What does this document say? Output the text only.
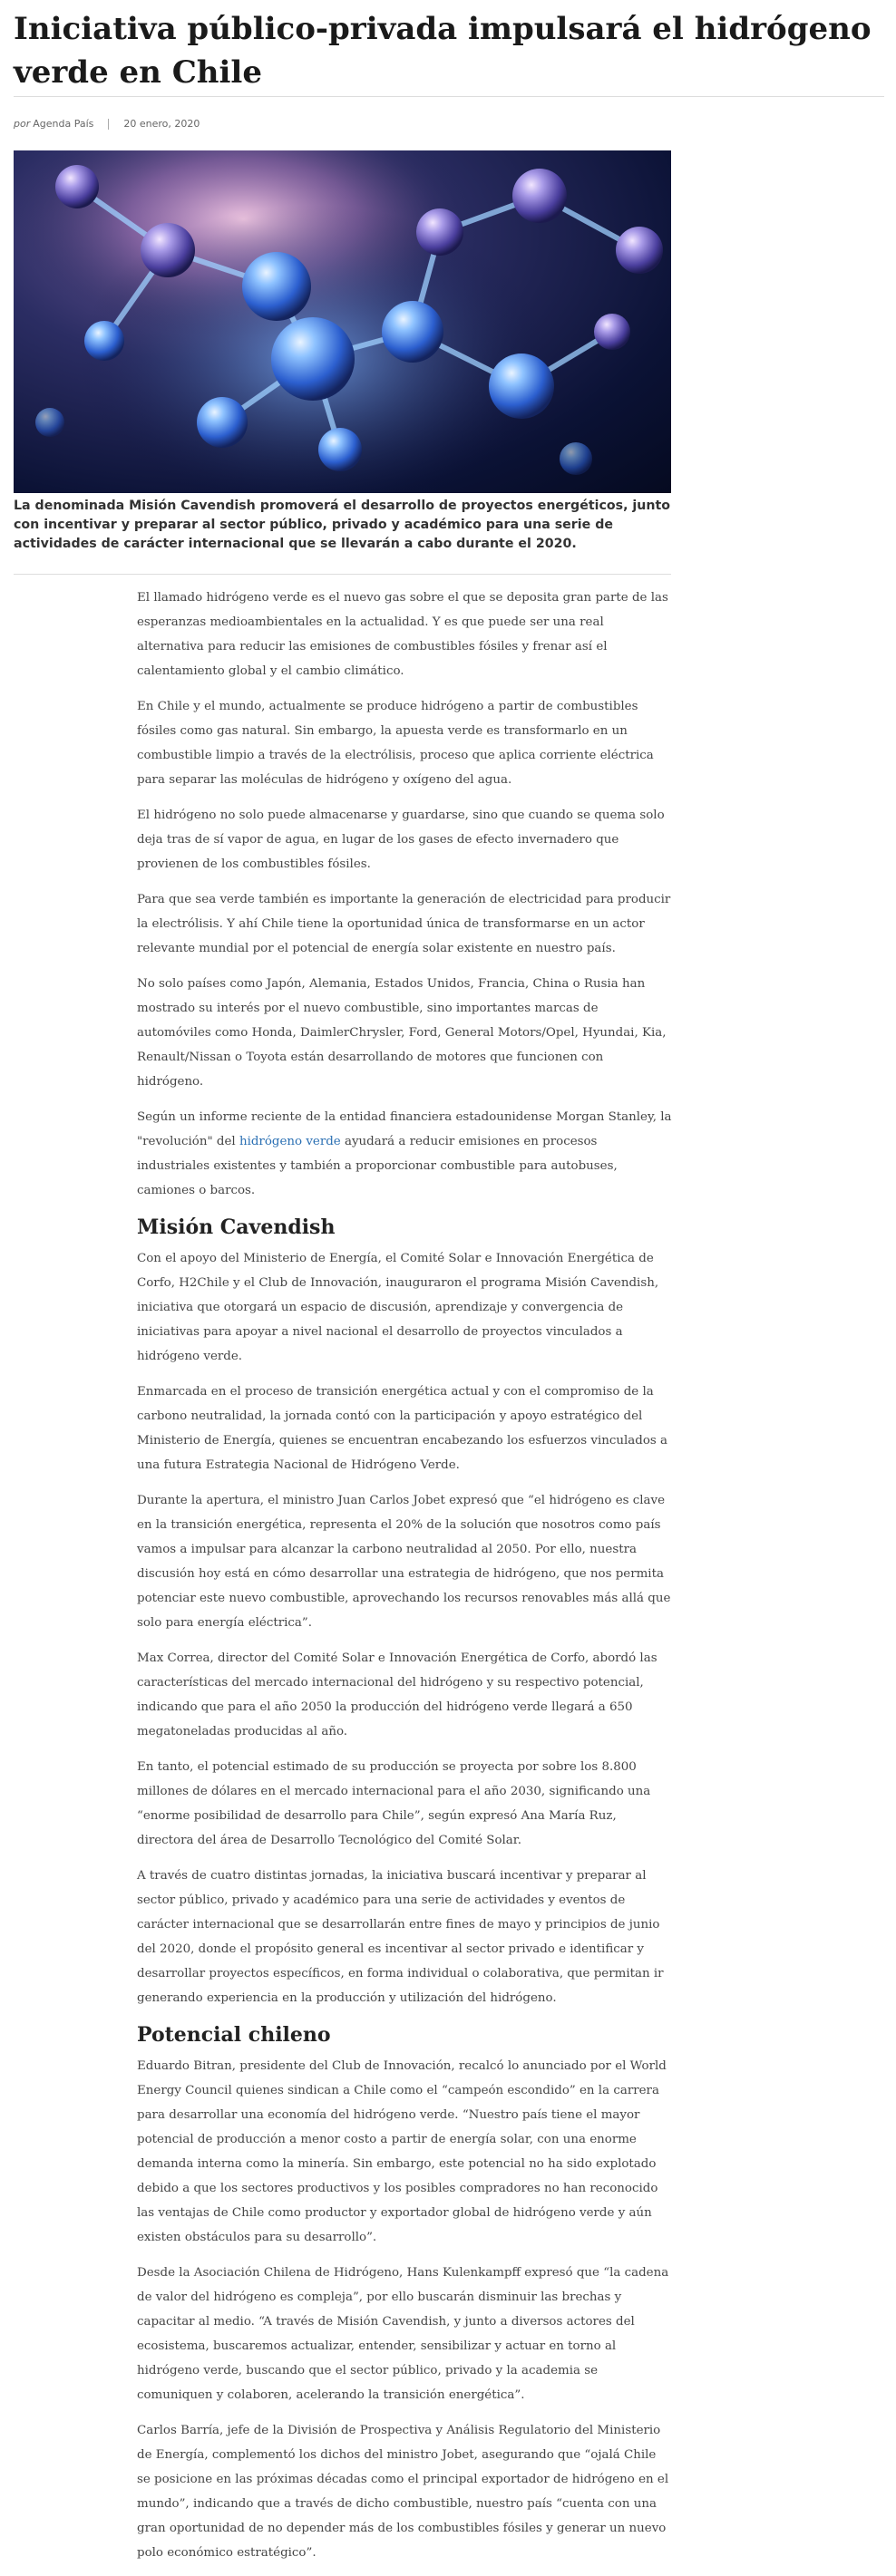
Iniciativa público-privada impulsará el hidrógeno verde en Chile
por Agenda País	20 enero, 2020

La denominada Misión Cavendish promoverá el desarrollo de proyectos energéticos, junto con incentivar y preparar al sector público, privado y académico para una serie de actividades de carácter internacional que se llevarán a cabo durante el 2020.

El llamado hidrógeno verde es el nuevo gas sobre el que se deposita gran parte de las esperanzas medioambientales en la actualidad. Y es que puede ser una real alternativa para reducir las emisiones de combustibles fósiles y frenar así el calentamiento global y el cambio climático.

En Chile y el mundo, actualmente se produce hidrógeno a partir de combustibles fósiles como gas natural. Sin embargo, la apuesta verde es transformarlo en un combustible limpio a través de la electrólisis, proceso que aplica corriente eléctrica para separar las moléculas de hidrógeno y oxígeno del agua.

El hidrógeno no solo puede almacenarse y guardarse, sino que cuando se quema solo deja tras de sí vapor de agua, en lugar de los gases de efecto invernadero que provienen de los combustibles fósiles.

Para que sea verde también es importante la generación de electricidad para producir la electrólisis. Y ahí Chile tiene la oportunidad única de transformarse en un actor relevante mundial por el potencial de energía solar existente en nuestro país.

No solo países como Japón, Alemania, Estados Unidos, Francia, China o Rusia han mostrado su interés por el nuevo combustible, sino importantes marcas de automóviles como Honda, DaimlerChrysler, Ford, General Motors/Opel, Hyundai, Kia, Renault/Nissan o Toyota están desarrollando de motores que funcionen con hidrógeno.

Según un informe reciente de la entidad financiera estadounidense Morgan Stanley, la "revolución" del hidrógeno verde ayudará a reducir emisiones en procesos industriales existentes y también a proporcionar combustible para autobuses, camiones o barcos.

Misión Cavendish

Con el apoyo del Ministerio de Energía, el Comité Solar e Innovación Energética de Corfo, H2Chile y el Club de Innovación, inauguraron el programa Misión Cavendish, iniciativa que otorgará un espacio de discusión, aprendizaje y convergencia de iniciativas para apoyar a nivel nacional el desarrollo de proyectos vinculados a hidrógeno verde.

Enmarcada en el proceso de transición energética actual y con el compromiso de la carbono neutralidad, la jornada contó con la participación y apoyo estratégico del Ministerio de Energía, quienes se encuentran encabezando los esfuerzos vinculados a una futura Estrategia Nacional de Hidrógeno Verde.

Durante la apertura, el ministro Juan Carlos Jobet expresó que “el hidrógeno es clave en la transición energética, representa el 20% de la solución que nosotros como país vamos a impulsar para alcanzar la carbono neutralidad al 2050. Por ello, nuestra discusión hoy está en cómo desarrollar una estrategia de hidrógeno, que nos permita potenciar este nuevo combustible, aprovechando los recursos renovables más allá que solo para energía eléctrica”.

Max Correa, director del Comité Solar e Innovación Energética de Corfo, abordó las características del mercado internacional del hidrógeno y su respectivo potencial, indicando que para el año 2050 la producción del hidrógeno verde llegará a 650 megatoneladas producidas al año.

En tanto, el potencial estimado de su producción se proyecta por sobre los 8.800 millones de dólares en el mercado internacional para el año 2030, significando una “enorme posibilidad de desarrollo para Chile”, según expresó Ana María Ruz, directora del área de Desarrollo Tecnológico del Comité Solar.

A través de cuatro distintas jornadas, la iniciativa buscará incentivar y preparar al sector público, privado y académico para una serie de actividades y eventos de carácter internacional que se desarrollarán entre fines de mayo y principios de junio del 2020, donde el propósito general es incentivar al sector privado e identificar y desarrollar proyectos específicos, en forma individual o colaborativa, que permitan ir generando experiencia en la producción y utilización del hidrógeno.

Potencial chileno

Eduardo Bitran, presidente del Club de Innovación, recalcó lo anunciado por el World Energy Council quienes sindican a Chile como el “campeón escondido” en la carrera para desarrollar una economía del hidrógeno verde. “Nuestro país tiene el mayor potencial de producción a menor costo a partir de energía solar, con una enorme demanda interna como la minería. Sin embargo, este potencial no ha sido explotado debido a que los sectores productivos y los posibles compradores no han reconocido las ventajas de Chile como productor y exportador global de hidrógeno verde y aún existen obstáculos para su desarrollo”.

Desde la Asociación Chilena de Hidrógeno, Hans Kulenkampff expresó que “la cadena de valor del hidrógeno es compleja”, por ello buscarán disminuir las brechas y capacitar al medio. “A través de Misión Cavendish, y junto a diversos actores del ecosistema, buscaremos actualizar, entender, sensibilizar y actuar en torno al hidrógeno verde, buscando que el sector público, privado y la academia se comuniquen y colaboren, acelerando la transición energética”.

Carlos Barría, jefe de la División de Prospectiva y Análisis Regulatorio del Ministerio de Energía, complementó los dichos del ministro Jobet, asegurando que “ojalá Chile se posicione en las próximas décadas como el principal exportador de hidrógeno en el mundo”, indicando que a través de dicho combustible, nuestro país “cuenta con una gran oportunidad de no depender más de los combustibles fósiles y generar un nuevo polo económico estratégico”.
